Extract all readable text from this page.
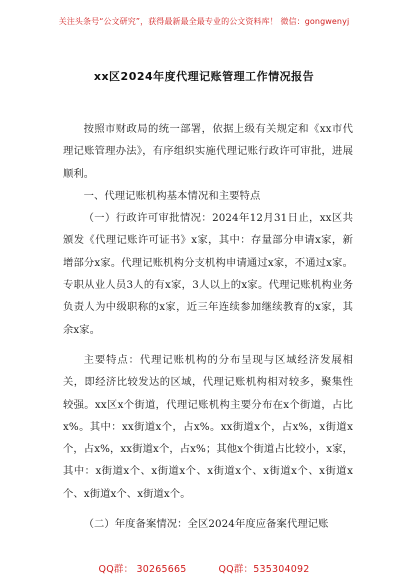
关注头条号“公文研究”，获得最新最全最专业的公文资料库！ 微信：gongwenyj
xx区2024年度代理记账管理工作情况报告

按照市财政局的统一部署，依据上级有关规定和《xx市代理记账管理办法》，有序组织实施代理记账行政许可审批，进展顺利。

一、代理记账机构基本情况和主要特点

（一）行政许可审批情况：2024年12月31日止，xx区共颁发《代理记账许可证书》x家，其中：存量部分申请x家，新增部分x家。代理记账机构分支机构申请通过x家，不通过x家。专职从业人员3人的有x家，3人以上的x家。代理记账机构业务负责人为中级职称的x家，近三年连续参加继续教育的x家，其余x家。

主要特点：代理记账机构的分布呈现与区域经济发展相关，即经济比较发达的区域，代理记账机构相对较多，聚集性较强。xx区x个街道，代理记账机构主要分布在x个街道，占比x%。其中：xx街道x个，占x%。xx街道x个，占x%，x街道x个，占x%，xx街道x个，占x%；其他x个街道占比较小，x家，其中：x街道x个、x街道x个、x街道x个、x街道x个、x街道x个、x街道x个、x街道x个。

（二）年度备案情况：全区2024年度应备案代理记账

QQ群： 30265665	QQ群：535304092
